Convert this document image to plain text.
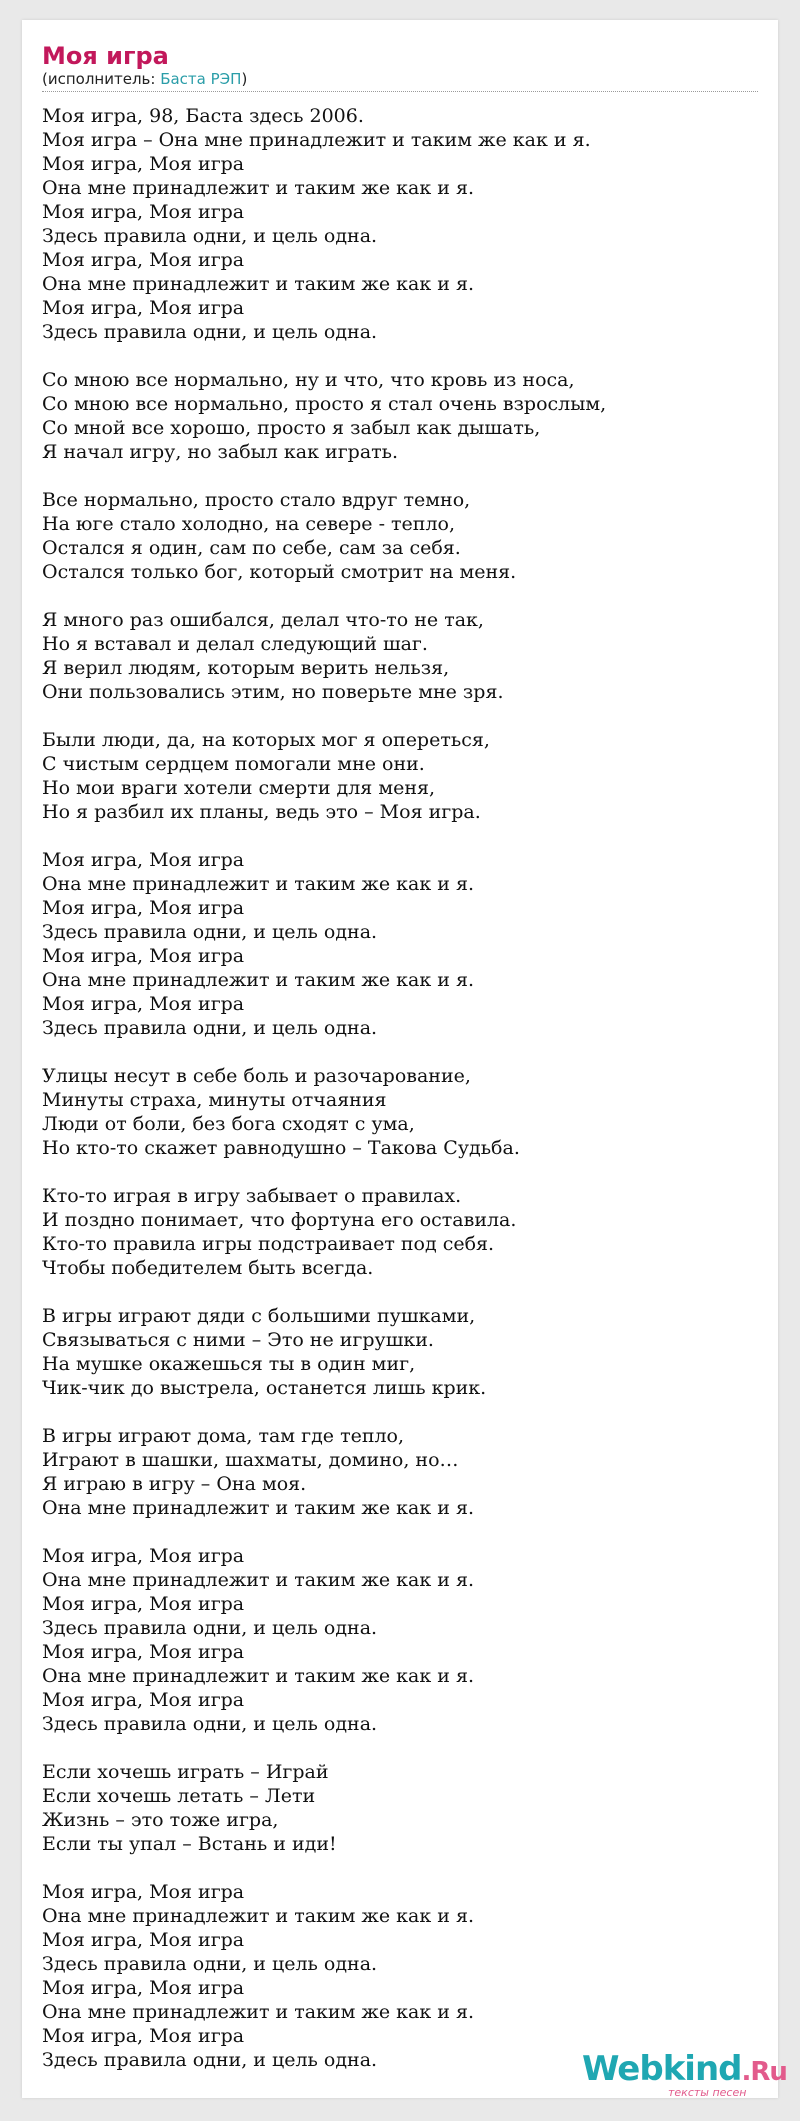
Моя игра
(исполнитель: Баста РЭП)
Моя игра, 98, Баста здесь 2006.
Моя игра – Она мне принадлежит и таким же как и я.
Моя игра, Моя игра
Она мне принадлежит и таким же как и я.
Моя игра, Моя игра
Здесь правила одни, и цель одна.
Моя игра, Моя игра
Она мне принадлежит и таким же как и я.
Моя игра, Моя игра
Здесь правила одни, и цель одна.
Со мною все нормально, ну и что, что кровь из носа,
Со мною все нормально, просто я стал очень взрослым,
Со мной все хорошо, просто я забыл как дышать,
Я начал игру, но забыл как играть.
Все нормально, просто стало вдруг темно,
На юге стало холодно, на севере - тепло,
Остался я один, сам по себе, сам за себя.
Остался только бог, который смотрит на меня.
Я много раз ошибался, делал что-то не так,
Но я вставал и делал следующий шаг.
Я верил людям, которым верить нельзя,
Они пользовались этим, но поверьте мне зря.
Были люди, да, на которых мог я опереться,
С чистым сердцем помогали мне они.
Но мои враги хотели смерти для меня,
Но я разбил их планы, ведь это – Моя игра.
Моя игра, Моя игра
Она мне принадлежит и таким же как и я.
Моя игра, Моя игра
Здесь правила одни, и цель одна.
Моя игра, Моя игра
Она мне принадлежит и таким же как и я.
Моя игра, Моя игра
Здесь правила одни, и цель одна.
Улицы несут в себе боль и разочарование,
Минуты страха, минуты отчаяния
Люди от боли, без бога сходят с ума,
Но кто-то скажет равнодушно – Такова Судьба.
Кто-то играя в игру забывает о правилах.
И поздно понимает, что фортуна его оставила.
Кто-то правила игры подстраивает под себя.
Чтобы победителем быть всегда.
В игры играют дяди с большими пушками,
Связываться с ними – Это не игрушки.
На мушке окажешься ты в один миг,
Чик-чик до выстрела, останется лишь крик.
В игры играют дома, там где тепло,
Играют в шашки, шахматы, домино, но…
Я играю в игру – Она моя.
Она мне принадлежит и таким же как и я.
Моя игра, Моя игра
Она мне принадлежит и таким же как и я.
Моя игра, Моя игра
Здесь правила одни, и цель одна.
Моя игра, Моя игра
Она мне принадлежит и таким же как и я.
Моя игра, Моя игра
Здесь правила одни, и цель одна.
Если хочешь играть – Играй
Если хочешь летать – Лети
Жизнь – это тоже игра,
Если ты упал – Встань и иди!
Моя игра, Моя игра
Она мне принадлежит и таким же как и я.
Моя игра, Моя игра
Здесь правила одни, и цель одна.
Моя игра, Моя игра
Она мне принадлежит и таким же как и я.
Моя игра, Моя игра
Здесь правила одни, и цель одна.	Webkind.Ru
тексты песен
